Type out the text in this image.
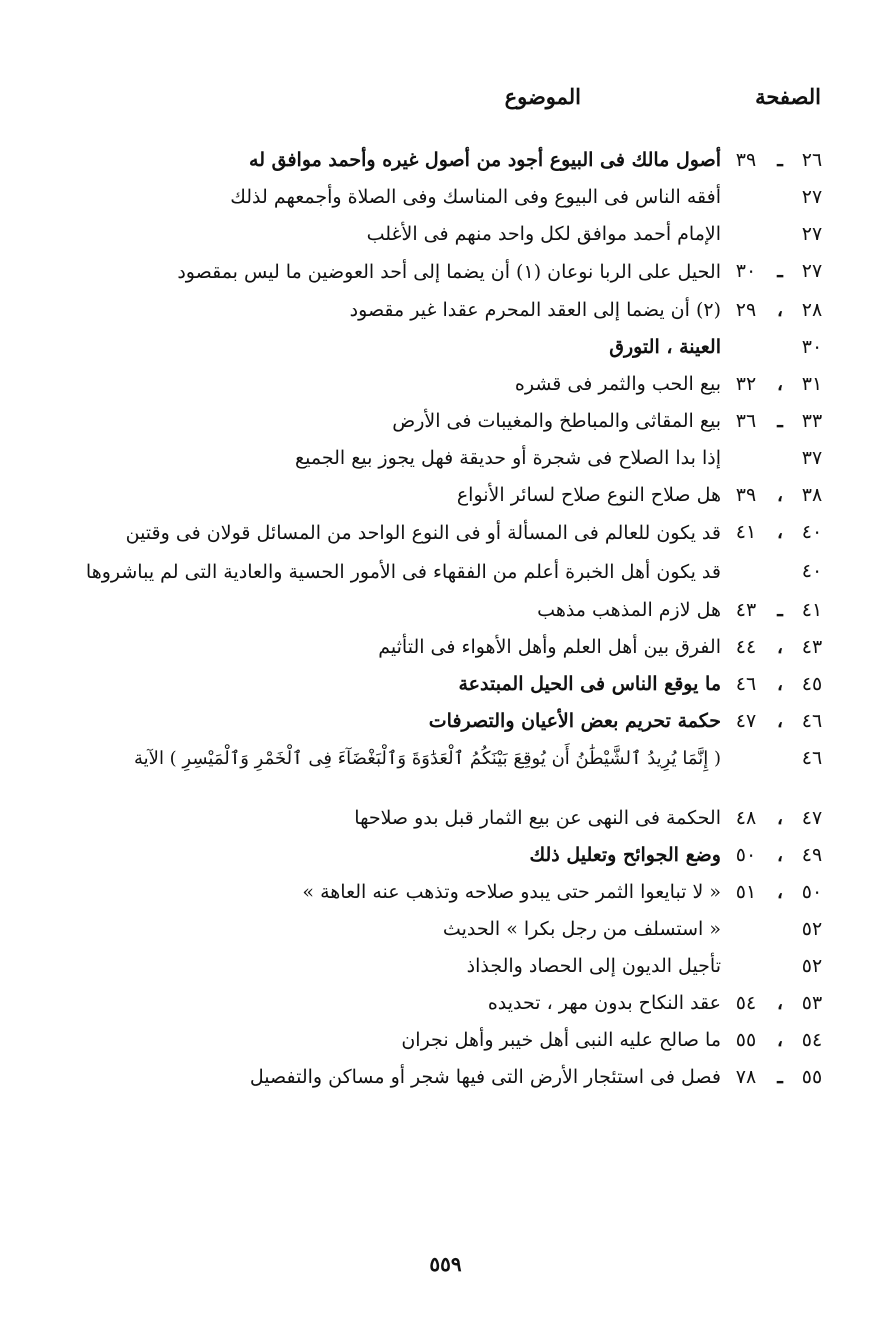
الصفحة
الموضوع
٢٦
ـ
٣٩
أصول مالك فى البيوع أجود من أصول غيره وأحمد موافق له
٢٧
أفقه الناس فى البيوع وفى المناسك وفى الصلاة وأجمعهم لذلك
٢٧
الإمام أحمد موافق لكل واحد منهم فى الأغلب
٢٧
ـ
٣٠
الحيل على الربا نوعان (١) أن يضما إلى أحد العوضين ما ليس بمقصود
٢٨
،
٢٩
(٢) أن يضما إلى العقد المحرم عقدا غير مقصود
٣٠
العينة ، التورق
٣١
،
٣٢
بيع الحب والثمر فى قشره
٣٣
ـ
٣٦
بيع المقاثى والمباطخ والمغيبات فى الأرض
٣٧
إذا بدا الصلاح فى شجرة أو حديقة فهل يجوز بيع الجميع
٣٨
،
٣٩
هل صلاح النوع صلاح لسائر الأنواع
٤٠
،
٤١
قد يكون للعالم فى المسألة أو فى النوع الواحد من المسائل قولان فى وقتين
٤٠
قد يكون أهل الخبرة أعلم من الفقهاء فى الأمور الحسية والعادية التى لم يباشروها
٤١
ـ
٤٣
هل لازم المذهب مذهب
٤٣
،
٤٤
الفرق بين أهل العلم وأهل الأهواء فى التأثيم
٤٥
،
٤٦
ما يوقع الناس فى الحيل المبتدعة
٤٦
،
٤٧
حكمة تحريم بعض الأعيان والتصرفات
٤٦
( إِنَّمَا يُرِيدُ ٱلشَّيْطَٰنُ أَن يُوقِعَ بَيْنَكُمُ ٱلْعَدَٰوَةَ وَٱلْبَغْضَآءَ فِى ٱلْخَمْرِ وَٱلْمَيْسِرِ ) الآية
٤٧
،
٤٨
الحكمة فى النهى عن بيع الثمار قبل بدو صلاحها
٤٩
،
٥٠
وضع الجوائح وتعليل ذلك
٥٠
،
٥١
« لا تبايعوا الثمر حتى يبدو صلاحه وتذهب عنه العاهة »
٥٢
« استسلف من رجل بكرا » الحديث
٥٢
تأجيل الديون إلى الحصاد والجذاذ
٥٣
،
٥٤
عقد النكاح بدون مهر ، تحديده
٥٤
،
٥٥
ما صالح عليه النبى أهل خيبر وأهل نجران
٥٥
ـ
٧٨
فصل فى استئجار الأرض التى فيها شجر أو مساكن والتفصيل
٥٥٩
